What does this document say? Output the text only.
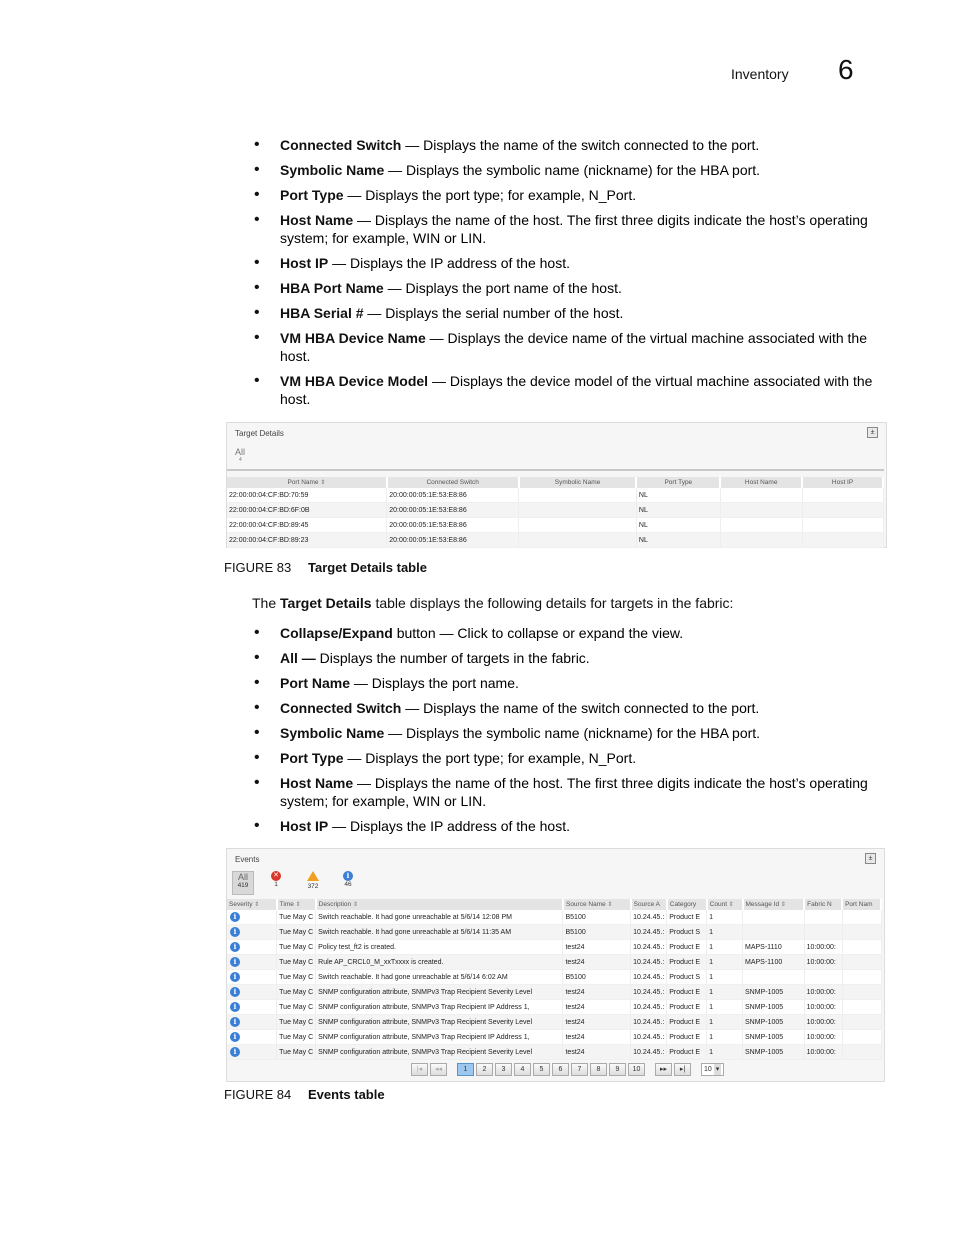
Inventory 6
• Connected Switch — Displays the name of the switch connected to the port.
• Symbolic Name — Displays the symbolic name (nickname) for the HBA port.
• Port Type — Displays the port type; for example, N_Port.
• Host Name — Displays the name of the host. The first three digits indicate the host’s operating system; for example, WIN or LIN.
• Host IP — Displays the IP address of the host.
• HBA Port Name — Displays the port name of the host.
• HBA Serial # — Displays the serial number of the host.
• VM HBA Device Name — Displays the device name of the virtual machine associated with the host.
• VM HBA Device Model — Displays the device model of the virtual machine associated with the host.
Target Details	±
All
4
Port Name ⇕	Connected Switch	Symbolic Name	Port Type	Host Name	Host IP
22:00:00:04:CF:BD:70:59	20:00:00:05:1E:53:E8:86		NL		
22:00:00:04:CF:BD:6F:0B	20:00:00:05:1E:53:E8:86		NL		
22:00:00:04:CF:BD:89:45	20:00:00:05:1E:53:E8:86		NL		
22:00:00:04:CF:BD:89:23	20:00:00:05:1E:53:E8:86		NL		
FIGURE 83 Target Details table
The Target Details table displays the following details for targets in the fabric:
• Collapse/Expand button — Click to collapse or expand the view.
• All — Displays the number of targets in the fabric.
• Port Name — Displays the port name.
• Connected Switch — Displays the name of the switch connected to the port.
• Symbolic Name — Displays the symbolic name (nickname) for the HBA port.
• Port Type — Displays the port type; for example, N_Port.
• Host Name — Displays the name of the host. The first three digits indicate the host’s operating system; for example, WIN or LIN.
• Host IP — Displays the IP address of the host.
Events	±
All
419
✕
1	372
i
46
Severity ⇕	Time ⇕	Description ⇕	Source Name ⇕	Source A	Category	Count ⇕	Message Id ⇕	Fabric N	Port Nam
i	Tue May C	Switch reachable. It had gone unreachable at 5/6/14 12:08 PM	B5100	10.24.45.:	Product E	1			
i	Tue May C	Switch reachable. It had gone unreachable at 5/6/14 11:35 AM	B5100	10.24.45.:	Product S	1			
i	Tue May C	Policy test_ft2 is created.	test24	10.24.45.:	Product E	1	MAPS-1110	10:00:00:	
i	Tue May C	Rule AP_CRCL0_M_xxTxxxx is created.	test24	10.24.45.:	Product E	1	MAPS-1100	10:00:00:	
i	Tue May C	Switch reachable. It had gone unreachable at 5/6/14 6:02 AM	B5100	10.24.45.:	Product S	1			
i	Tue May C	SNMP configuration attribute, SNMPv3 Trap Recipient Severity Level	test24	10.24.45.:	Product E	1	SNMP-1005	10:00:00:	
i	Tue May C	SNMP configuration attribute, SNMPv3 Trap Recipient IP Address 1,	test24	10.24.45.:	Product E	1	SNMP-1005	10:00:00:	
i	Tue May C	SNMP configuration attribute, SNMPv3 Trap Recipient Severity Level	test24	10.24.45.:	Product E	1	SNMP-1005	10:00:00:	
i	Tue May C	SNMP configuration attribute, SNMPv3 Trap Recipient IP Address 1,	test24	10.24.45.:	Product E	1	SNMP-1005	10:00:00:	
i	Tue May C	SNMP configuration attribute, SNMPv3 Trap Recipient Severity Level	test24	10.24.45.:	Product E	1	SNMP-1005	10:00:00:	
|◂	◂◂	1	2	3	4	5	6	7	8	9	10	▸▸	▸|	10 ▾
FIGURE 84 Events table
